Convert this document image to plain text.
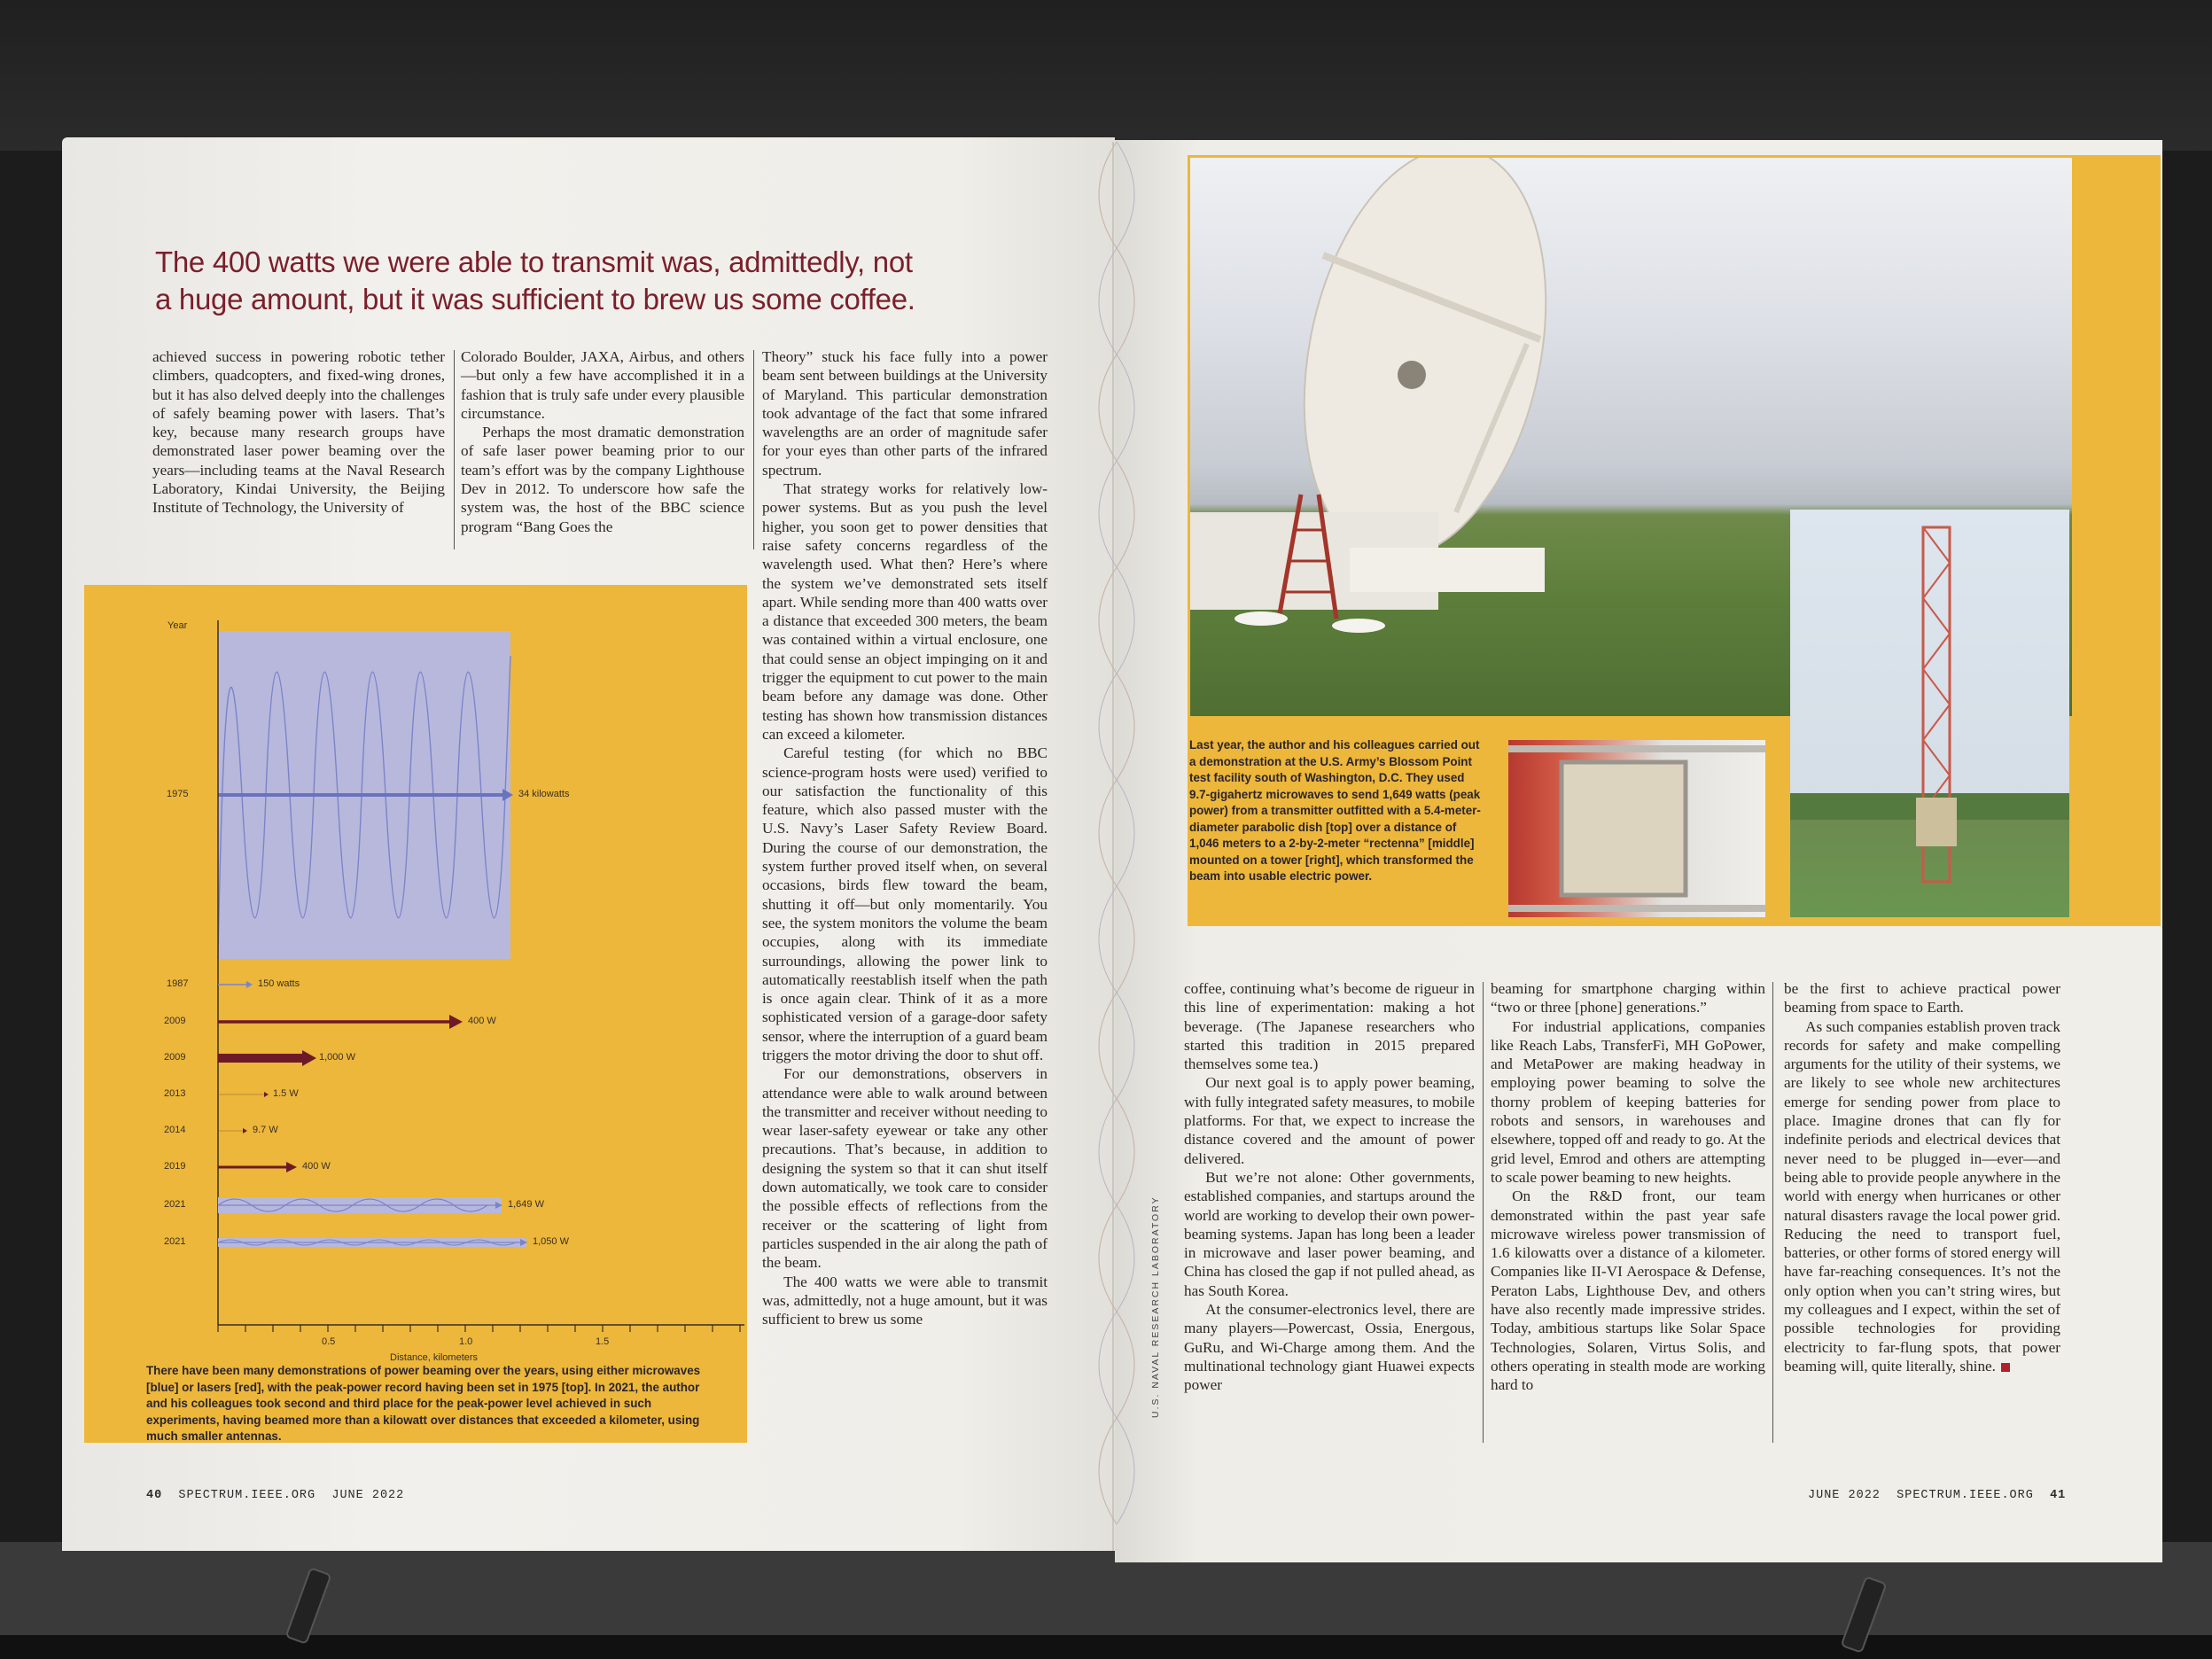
The 400 watts we were able to transmit was, admittedly, not
a huge amount, but it was sufficient to brew us some coffee.

achieved success in powering robotic tether climbers, quadcopters, and fixed-wing drones, but it has also delved deeply into the challenges of safely beaming power with lasers. That’s key, because many research groups have demonstrated laser power beaming over the years—including teams at the Naval Research Laboratory, Kindai University, the Beijing Institute of Technology, the University of

Colorado Boulder, JAXA, Airbus, and others—but only a few have accomplished it in a fashion that is truly safe under every plausible circumstance.

Perhaps the most dramatic demonstration of safe laser power beaming prior to our team’s effort was by the company Lighthouse Dev in 2012. To underscore how safe the system was, the host of the BBC science program “Bang Goes the

Theory” stuck his face fully into a power beam sent between buildings at the University of Maryland. This particular demonstration took advantage of the fact that some infrared wavelengths are an order of magnitude safer for your eyes than other parts of the infrared spectrum.

That strategy works for relatively low-power systems. But as you push the level higher, you soon get to power densities that raise safety concerns regardless of the wavelength used. What then? Here’s where the system we’ve demonstrated sets itself apart. While sending more than 400 watts over a distance that exceeded 300 meters, the beam was contained within a virtual enclosure, one that could sense an object impinging on it and trigger the equipment to cut power to the main beam before any damage was done. Other testing has shown how transmission distances can exceed a kilometer.

Careful testing (for which no BBC science-program hosts were used) verified to our satisfaction the functionality of this feature, which also passed muster with the U.S. Navy’s Laser Safety Review Board. During the course of our demonstration, the system further proved itself when, on several occasions, birds flew toward the beam, shutting it off—but only momentarily. You see, the system monitors the volume the beam occupies, along with its immediate surroundings, allowing the power link to automatically reestablish itself when the path is once again clear. Think of it as a more sophisticated version of a garage-door safety sensor, where the interruption of a guard beam triggers the motor driving the door to shut off.

For our demonstrations, observers in attendance were able to walk around between the transmitter and receiver without needing to wear laser-safety eyewear or take any other precautions. That’s because, in addition to designing the system so that it can shut itself down automatically, we took care to consider the possible effects of reflections from the receiver or the scattering of light from particles suspended in the air along the path of the beam.

The 400 watts we were able to transmit was, admittedly, not a huge amount, but it was sufficient to brew us some

Year
1975	34 kilowatts
1987	150 watts
2009	400 W
2009	1,000 W
2013	1.5 W
2014	9.7 W
2019	400 W
2021	1,649 W
2021	1,050 W
0.5	1.0	1.5
Distance, kilometers
There have been many demonstrations of power beaming over the years, using either microwaves [blue] or lasers [red], with the peak-power record having been set in 1975 [top]. In 2021, the author and his colleagues took second and third place for the peak-power level achieved in such experiments, having beamed more than a kilowatt over distances that exceeded a kilometer, using much smaller antennas.
40 SPECTRUM.IEEE.ORG JUNE 2022
Last year, the author and his colleagues carried out a demonstration at the U.S. Army’s Blossom Point test facility south of Washington, D.C. They used 9.7-gigahertz microwaves to send 1,649 watts (peak power) from a transmitter outfitted with a 5.4-meter-diameter parabolic dish [top] over a distance of 1,046 meters to a 2-by-2-meter “rectenna” [middle] mounted on a tower [right], which transformed the beam into usable electric power.

coffee, continuing what’s become de rigueur in this line of experimentation: making a hot beverage. (The Japanese researchers who started this tradition in 2015 prepared themselves some tea.)

Our next goal is to apply power beaming, with fully integrated safety measures, to mobile platforms. For that, we expect to increase the distance covered and the amount of power delivered.

But we’re not alone: Other governments, established companies, and startups around the world are working to develop their own power-beaming systems. Japan has long been a leader in microwave and laser power beaming, and China has closed the gap if not pulled ahead, as has South Korea.

At the consumer-electronics level, there are many players—Powercast, Ossia, Energous, GuRu, and Wi-Charge among them. And the multinational technology giant Huawei expects power

beaming for smartphone charging within “two or three [phone] generations.”

For industrial applications, companies like Reach Labs, TransferFi, MH GoPower, and MetaPower are making headway in employing power beaming to solve the thorny problem of keeping batteries for robots and sensors, in warehouses and elsewhere, topped off and ready to go. At the grid level, Emrod and others are attempting to scale power beaming to new heights.

On the R&D front, our team demonstrated within the past year safe microwave wireless power transmission of 1.6 kilowatts over a distance of a kilometer. Companies like II-VI Aerospace & Defense, Peraton Labs, Lighthouse Dev, and others have also recently made impressive strides. Today, ambitious startups like Solar Space Technologies, Solaren, Virtus Solis, and others operating in stealth mode are working hard to

be the first to achieve practical power beaming from space to Earth.

As such companies establish proven track records for safety and make compelling arguments for the utility of their systems, we are likely to see whole new architectures emerge for sending power from place to place. Imagine drones that can fly for indefinite periods and electrical devices that never need to be plugged in—ever—and being able to provide people anywhere in the world with energy when hurricanes or other natural disasters ravage the local power grid. Reducing the need to transport fuel, batteries, or other forms of stored energy will have far-reaching consequences. It’s not the only option when you can’t string wires, but my colleagues and I expect, within the set of possible technologies for providing electricity to far-flung spots, that power beaming will, quite literally, shine.

U.S. NAVAL RESEARCH LABORATORY
JUNE 2022 SPECTRUM.IEEE.ORG 41
